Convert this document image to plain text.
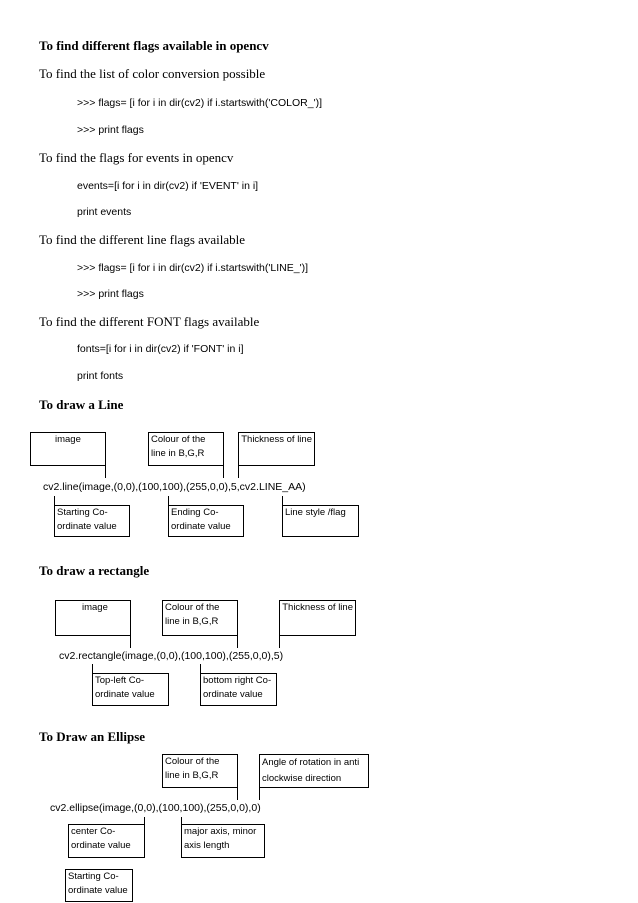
To find different flags available in opencv
To find the list of color conversion possible
>>> flags= [i for i in dir(cv2) if i.startswith('COLOR_')]
>>> print flags
To find the flags for events in opencv
events=[i for i in dir(cv2) if 'EVENT' in i]
print events
To find the different line flags available
>>> flags= [i for i in dir(cv2) if i.startswith('LINE_')]
>>> print flags
To find the different FONT flags available
fonts=[i for i in dir(cv2) if 'FONT' in i]
print fonts
To draw a Line
image	Colour of the line in B,G,R
Thickness of line
cv2.line(image,(0,0),(100,100),(255,0,0),5,cv2.LINE_AA)
Starting Co-ordinate value
Ending Co-ordinate value
Line style /flag
To draw a rectangle
image	Colour of the line in B,G,R
Thickness of line
cv2.rectangle(image,(0,0),(100,100),(255,0,0),5)
Top-left Co-ordinate value
bottom right Co-ordinate value
To Draw an Ellipse
Colour of the line in B,G,R
Angle of rotation in anti clockwise direction
cv2.ellipse(image,(0,0),(100,100),(255,0,0),0)
center Co-ordinate value
major axis, minor axis length
Starting Co-ordinate value
